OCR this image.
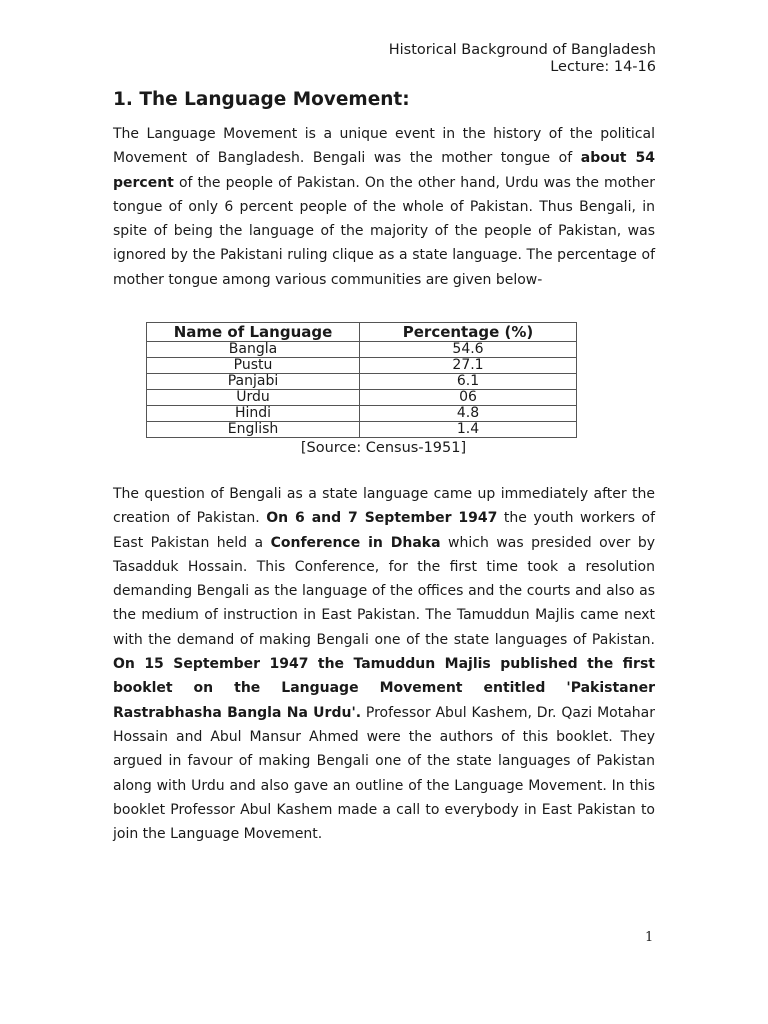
Historical Background of Bangladesh
Lecture: 14-16
1. The Language Movement:

The Language Movement is a unique event in the history of the political Movement of Bangladesh. Bengali was the mother tongue of about 54 percent of the people of Pakistan. On the other hand, Urdu was the mother tongue of only 6 percent people of the whole of Pakistan. Thus Bengali, in spite of being the language of the majority of the people of Pakistan, was ignored by the Pakistani ruling clique as a state language. The percentage of mother tongue among various communities are given below-

Name of Language	Percentage (%)
Bangla	54.6
Pustu	27.1
Panjabi	6.1
Urdu	06
Hindi	4.8
English	1.4
[Source: Census-1951]

The question of Bengali as a state language came up immediately after the creation of Pakistan. On 6 and 7 September 1947 the youth workers of East Pakistan held a Conference in Dhaka which was presided over by Tasadduk Hossain. This Conference, for the first time took a resolution demanding Bengali as the language of the offices and the courts and also as the medium of instruction in East Pakistan. The Tamuddun Majlis came next with the demand of making Bengali one of the state languages of Pakistan. On 15 September 1947 the Tamuddun Majlis published the first booklet on the Language Movement entitled 'Pakistaner Rastrabhasha Bangla Na Urdu'. Professor Abul Kashem, Dr. Qazi Motahar Hossain and Abul Mansur Ahmed were the authors of this booklet. They argued in favour of making Bengali one of the state languages of Pakistan along with Urdu and also gave an outline of the Language Movement. In this booklet Professor Abul Kashem made a call to everybody in East Pakistan to join the Language Movement.

1
